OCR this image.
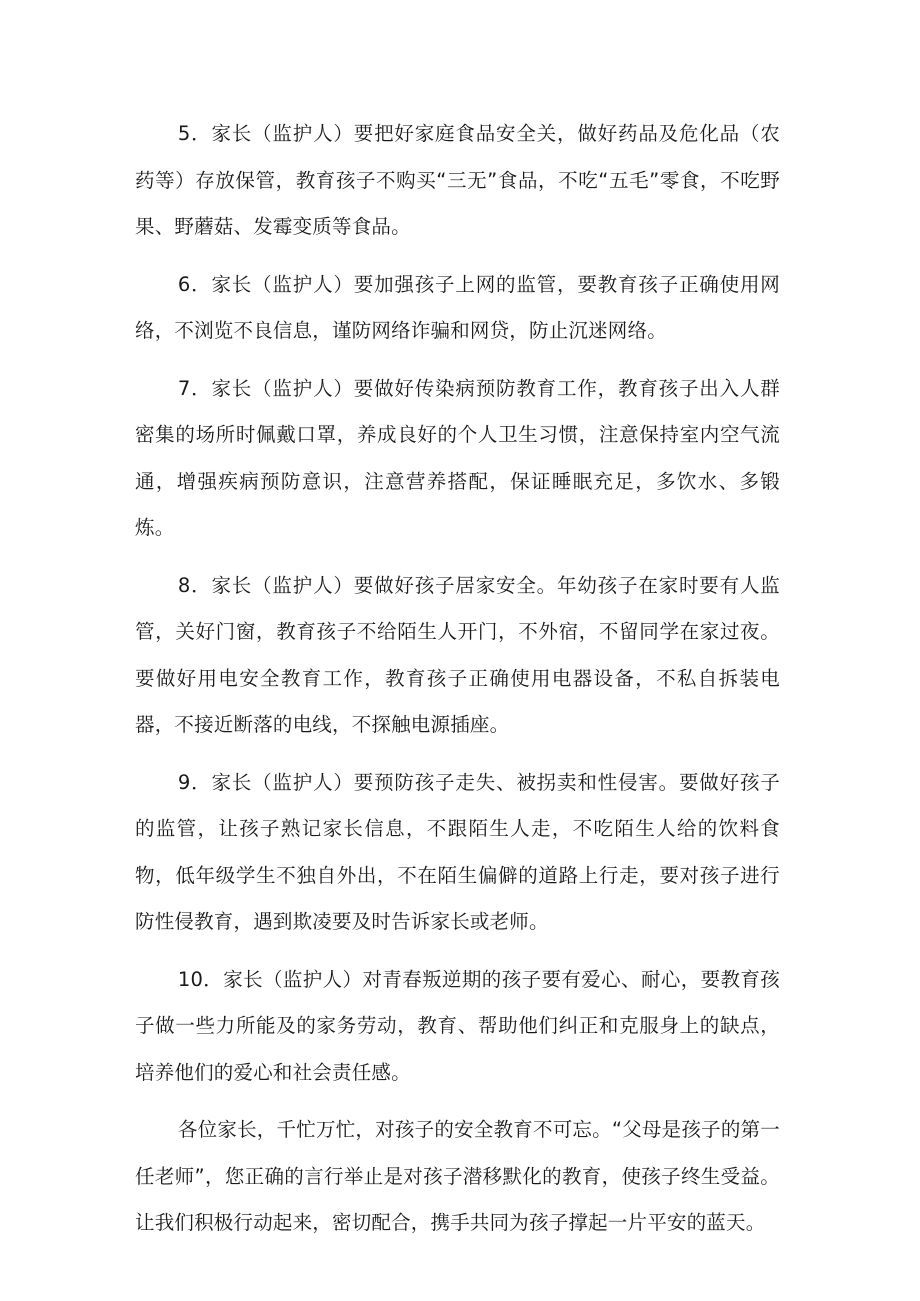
5．家长（监护人）要把好家庭食品安全关，做好药品及危化品（农药等）存放保管，教育孩子不购买“三无”食品，不吃“五毛”零食，不吃野果、野蘑菇、发霉变质等食品。

6．家长（监护人）要加强孩子上网的监管，要教育孩子正确使用网络，不浏览不良信息，谨防网络诈骗和网贷，防止沉迷网络。

7．家长（监护人）要做好传染病预防教育工作，教育孩子出入人群密集的场所时佩戴口罩，养成良好的个人卫生习惯，注意保持室内空气流通，增强疾病预防意识，注意营养搭配，保证睡眠充足，多饮水、多锻炼。

8．家长（监护人）要做好孩子居家安全。年幼孩子在家时要有人监管，关好门窗，教育孩子不给陌生人开门，不外宿，不留同学在家过夜。要做好用电安全教育工作，教育孩子正确使用电器设备，不私自拆装电器，不接近断落的电线，不探触电源插座。

9．家长（监护人）要预防孩子走失、被拐卖和性侵害。要做好孩子的监管，让孩子熟记家长信息，不跟陌生人走，不吃陌生人给的饮料食物，低年级学生不独自外出，不在陌生偏僻的道路上行走，要对孩子进行防性侵教育，遇到欺凌要及时告诉家长或老师。

10．家长（监护人）对青春叛逆期的孩子要有爱心、耐心，要教育孩子做一些力所能及的家务劳动，教育、帮助他们纠正和克服身上的缺点，培养他们的爱心和社会责任感。

各位家长，千忙万忙，对孩子的安全教育不可忘。“父母是孩子的第一任老师”，您正确的言行举止是对孩子潜移默化的教育，使孩子终生受益。让我们积极行动起来，密切配合，携手共同为孩子撑起一片平安的蓝天。
